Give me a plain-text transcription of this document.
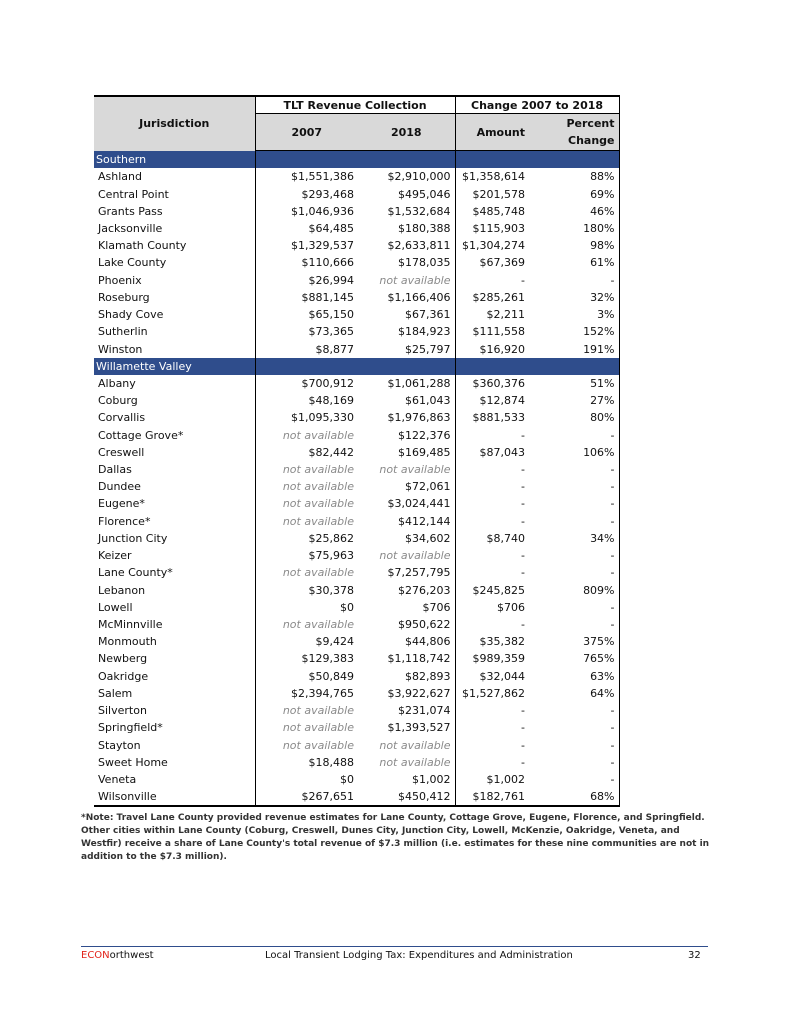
Jurisdiction	TLT Revenue Collection		Change 2007 to 2018	
	2007	2018	Amount	Percent
Change
Southern				
Ashland	$1,551,386	$2,910,000	$1,358,614	88%
Central Point	$293,468	$495,046	$201,578	69%
Grants Pass	$1,046,936	$1,532,684	$485,748	46%
Jacksonville	$64,485	$180,388	$115,903	180%
Klamath County	$1,329,537	$2,633,811	$1,304,274	98%
Lake County	$110,666	$178,035	$67,369	61%
Phoenix	$26,994	not available	-	-
Roseburg	$881,145	$1,166,406	$285,261	32%
Shady Cove	$65,150	$67,361	$2,211	3%
Sutherlin	$73,365	$184,923	$111,558	152%
Winston	$8,877	$25,797	$16,920	191%
Willamette Valley				
Albany	$700,912	$1,061,288	$360,376	51%
Coburg	$48,169	$61,043	$12,874	27%
Corvallis	$1,095,330	$1,976,863	$881,533	80%
Cottage Grove*	not available	$122,376	-	-
Creswell	$82,442	$169,485	$87,043	106%
Dallas	not available	not available	-	-
Dundee	not available	$72,061	-	-
Eugene*	not available	$3,024,441	-	-
Florence*	not available	$412,144	-	-
Junction City	$25,862	$34,602	$8,740	34%
Keizer	$75,963	not available	-	-
Lane County*	not available	$7,257,795	-	-
Lebanon	$30,378	$276,203	$245,825	809%
Lowell	$0	$706	$706	-
McMinnville	not available	$950,622	-	-
Monmouth	$9,424	$44,806	$35,382	375%
Newberg	$129,383	$1,118,742	$989,359	765%
Oakridge	$50,849	$82,893	$32,044	63%
Salem	$2,394,765	$3,922,627	$1,527,862	64%
Silverton	not available	$231,074	-	-
Springfield*	not available	$1,393,527	-	-
Stayton	not available	not available	-	-
Sweet Home	$18,488	not available	-	-
Veneta	$0	$1,002	$1,002	-
Wilsonville	$267,651	$450,412	$182,761	68%
*Note: Travel Lane County provided revenue estimates for Lane County, Cottage Grove, Eugene, Florence, and Springfield. Other cities within Lane County (Coburg, Creswell, Dunes City, Junction City, Lowell, McKenzie, Oakridge, Veneta, and Westfir) receive a share of Lane County's total revenue of $7.3 million (i.e. estimates for these nine communities are not in addition to the $7.3 million).
ECONorthwest	Local Transient Lodging Tax: Expenditures and Administration	32
